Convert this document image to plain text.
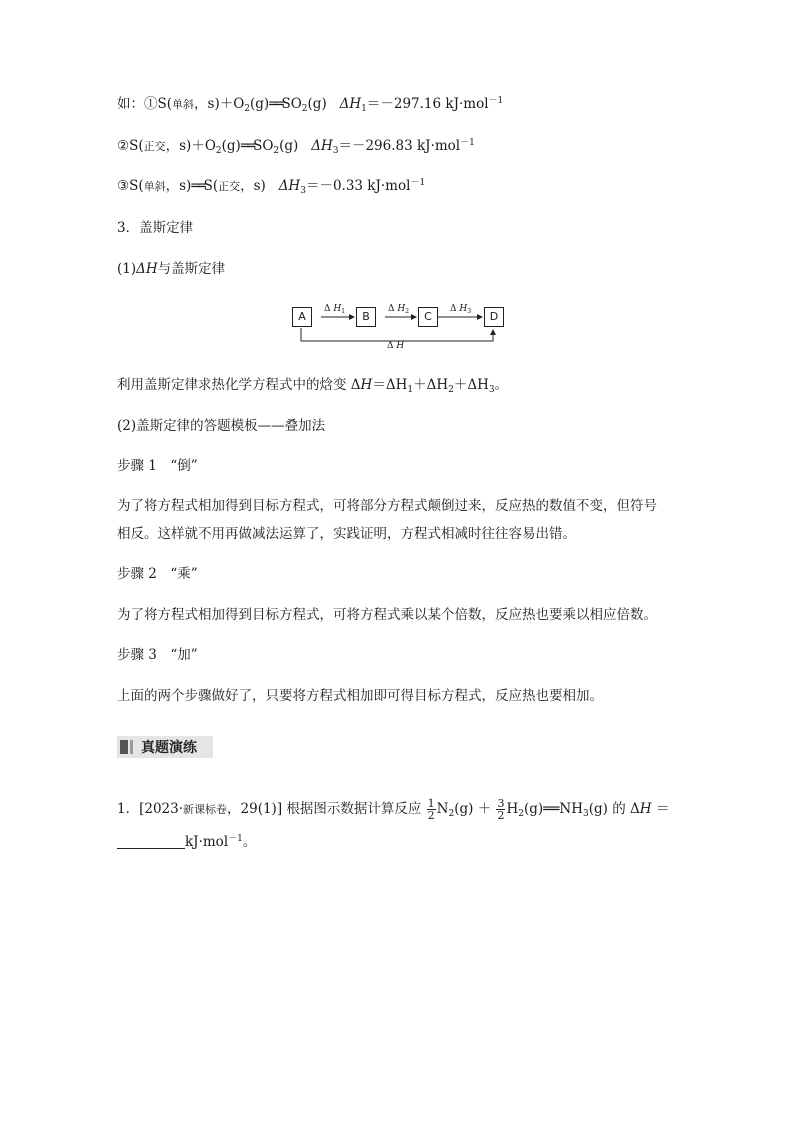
如：①S(单斜，$s)+O_2(g)══SO_2(g)$ $\Delta H_1=-297.16$ kJ·mol$^{-1}$
②S(正交，$s)+O_2(g)══SO_2(g)$ $\Delta H_3=-296.83$ kJ·mol$^{-1}$
③S(单斜，s)══S(正交，s) $\Delta H_3=-0.33$ kJ·mol$^{-1}$
3．盖斯定律
(1)ΔH与盖斯定律
A	B	C	D
Δ $H_1$	Δ $H_2$	Δ $H_3$
Δ H
利用盖斯定律求热化学方程式中的焓变 $\Delta H=\Delta H_1+\Delta H_2+\Delta H_3$。
(2)盖斯定律的答题模板——叠加法
步骤 1　“倒”
为了将方程式相加得到目标方程式，可将部分方程式颠倒过来，反应热的数值不变，但符号
相反。这样就不用再做减法运算了，实践证明，方程式相减时往往容易出错。
步骤 2　“乘”
为了将方程式相加得到目标方程式，可将方程式乘以某个倍数，反应热也要乘以相应倍数。
步骤 3　“加”
上面的两个步骤做好了，只要将方程式相加即可得目标方程式，反应热也要相加。
真题演练
1．[2023·新课标卷，29(1)] 根据图示数据计算反应 $\frac{1}{2} N_2(g) + \frac{3}{2}$ $H_2(g)══NH_3(g)$ 的 ΔH ＝
kJ·mol$^{-1}$。
